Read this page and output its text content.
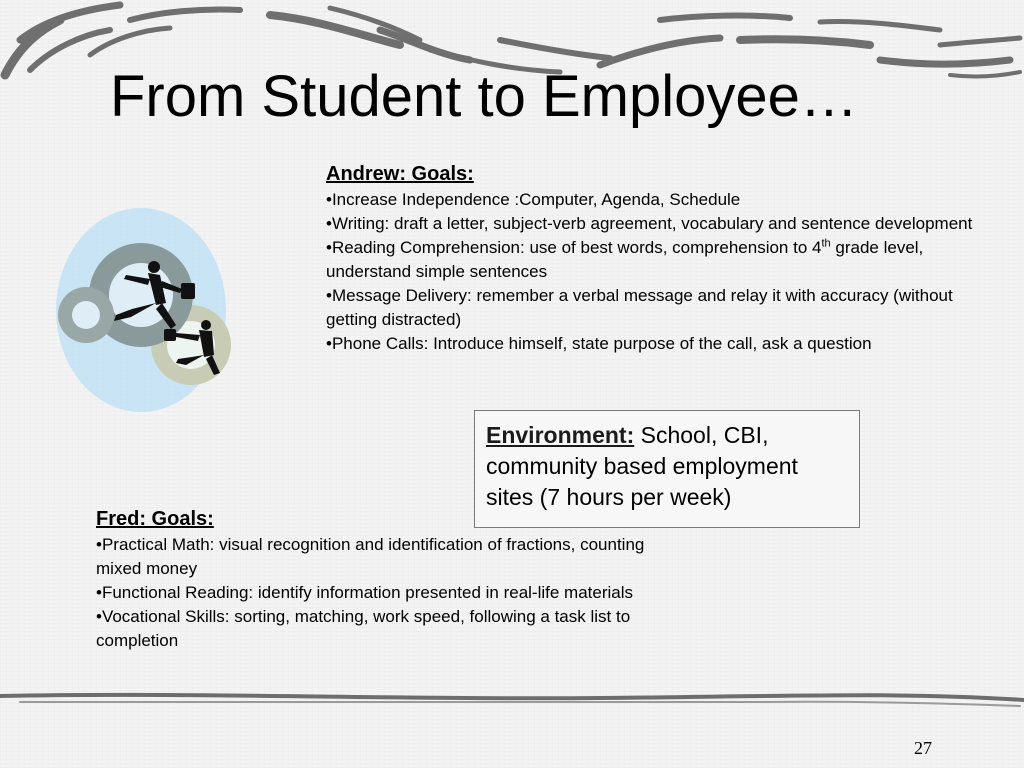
From Student to Employee…
Andrew: Goals:
•Increase Independence :Computer, Agenda, Schedule
•Writing: draft a letter, subject-verb agreement, vocabulary and sentence development
•Reading Comprehension: use of best words, comprehension to 4th grade level, understand simple sentences
•Message Delivery: remember a verbal message and relay it with accuracy (without getting distracted)
•Phone Calls: Introduce himself, state purpose of the call, ask a question
Environment: School, CBI, community based employment sites (7 hours per week)
Fred: Goals:
•Practical Math: visual recognition and identification of fractions, counting mixed money
•Functional Reading: identify information presented in real-life materials
•Vocational Skills: sorting, matching, work speed, following a task list to completion
27
